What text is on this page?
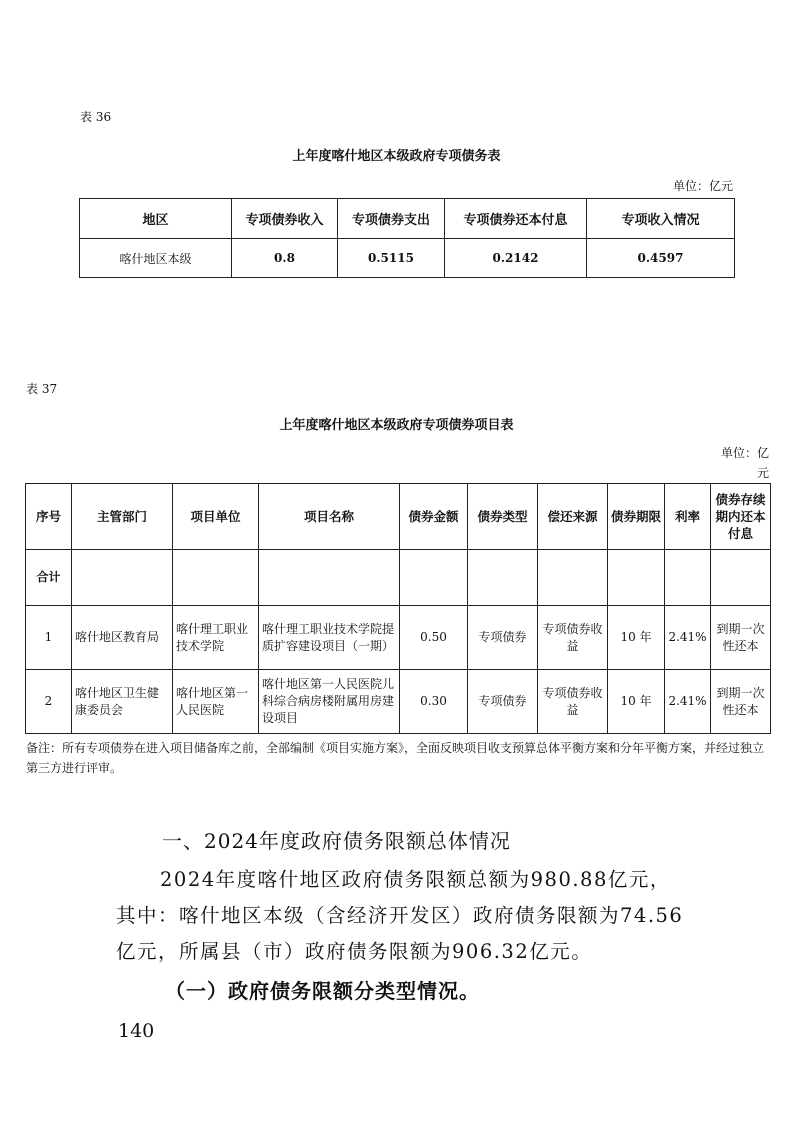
表 36
上年度喀什地区本级政府专项债务表
单位：亿元
地区	专项债券收入	专项债券支出	专项债券还本付息	专项收入情况
喀什地区本级	0.8	0.5115	0.2142	0.4597
表 37
上年度喀什地区本级政府专项债券项目表
单位：亿
元
序号	主管部门	项目单位	项目名称	债券金额	债券类型	偿还来源	债券期限	利率	债券存续期内还本付息
合计									
1	喀什地区教育局	喀什理工职业技术学院	喀什理工职业技术学院提质扩容建设项目（一期）	0.50	专项债券	专项债券收益	10 年	2.41%	到期一次性还本
2	喀什地区卫生健康委员会	喀什地区第一人民医院	喀什地区第一人民医院儿科综合病房楼附属用房建设项目	0.30	专项债券	专项债券收益	10 年	2.41%	到期一次性还本
备注：所有专项债券在进入项目储备库之前，全部编制《项目实施方案》，全面反映项目收支预算总体平衡方案和分年平衡方案，并经过独立第三方进行评审。
一、2024年度政府债务限额总体情况
2024年度喀什地区政府债务限额总额为980.88亿元，其中：喀什地区本级（含经济开发区）政府债务限额为74.56亿元，所属县（市）政府债务限额为906.32亿元。
（一）政府债务限额分类型情况。
140
